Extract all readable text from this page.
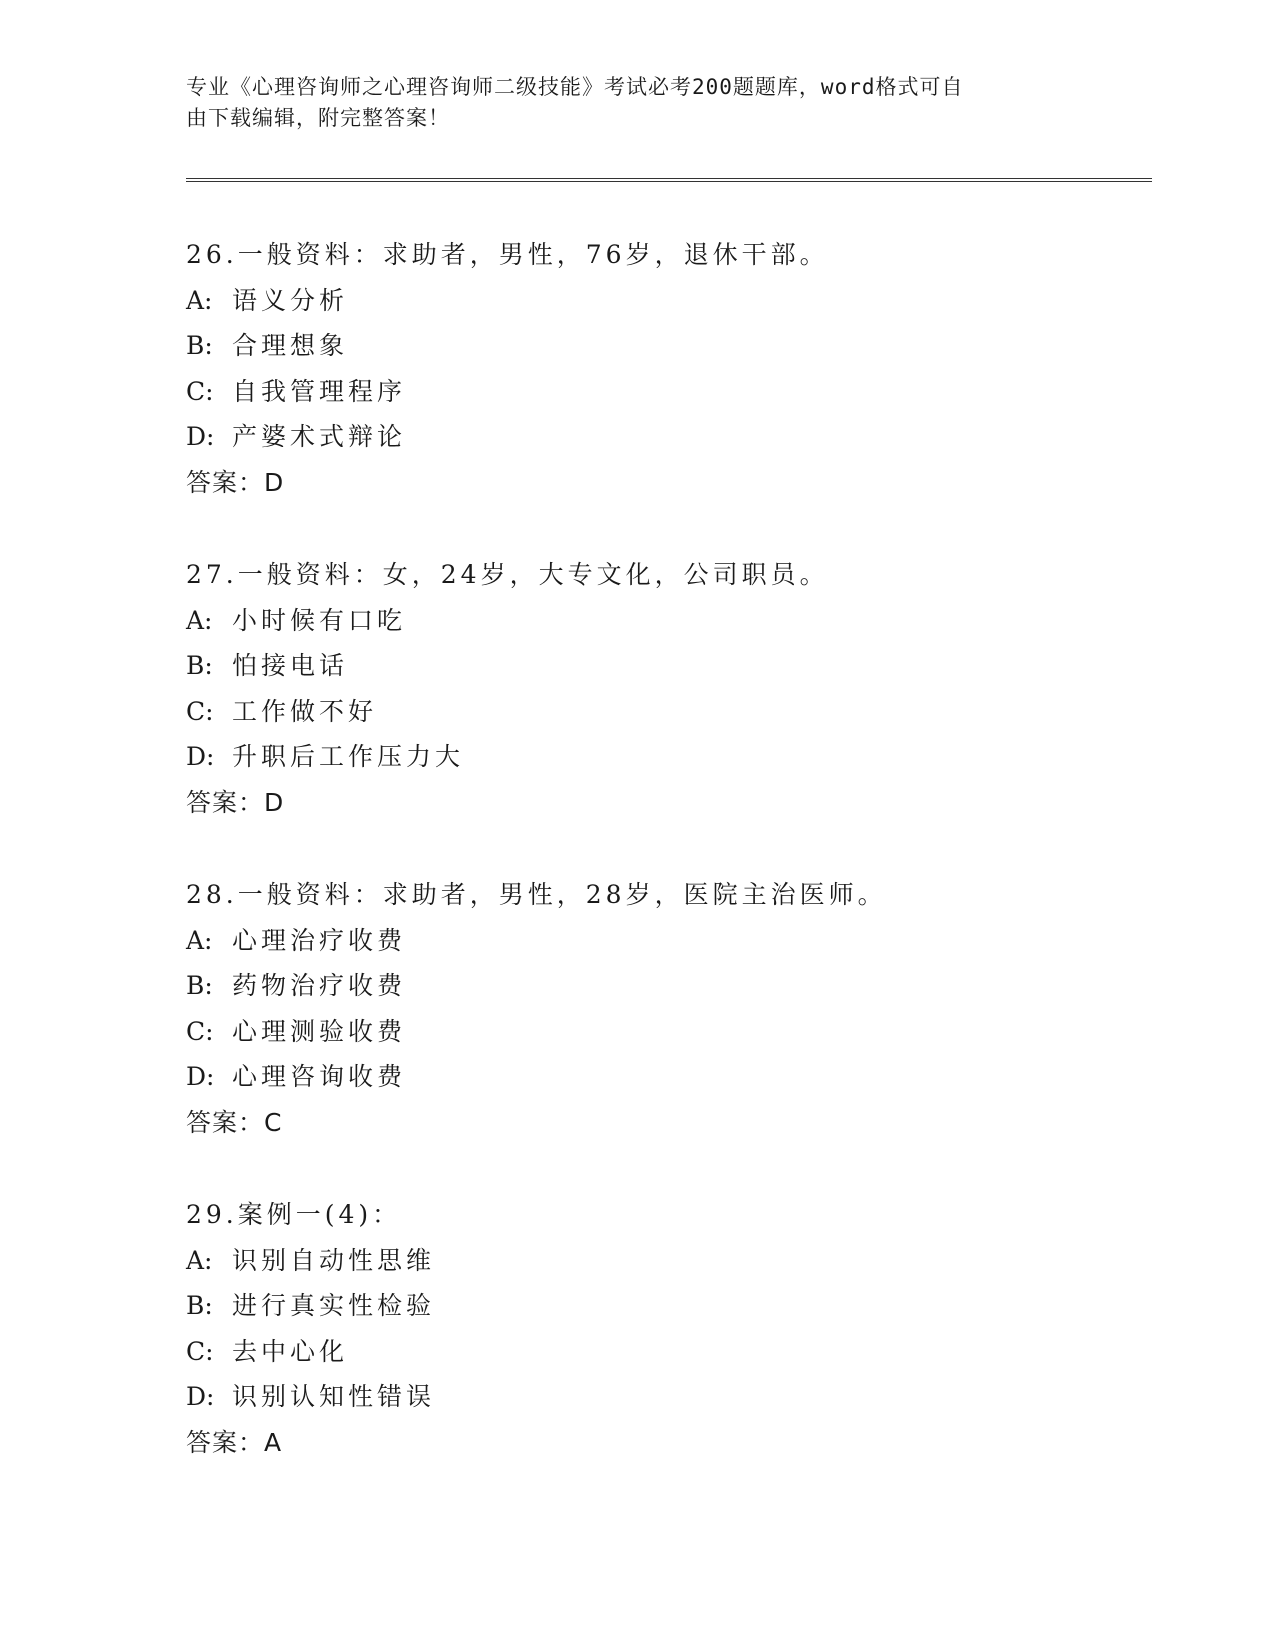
专业《心理咨询师之心理咨询师二级技能》考试必考200题题库，word格式可自
由下载编辑，附完整答案！
26.一般资料：求助者，男性，76岁，退休干部。
A: 语义分析
B: 合理想象
C: 自我管理程序
D: 产婆术式辩论
答案：D
27.一般资料：女，24岁，大专文化，公司职员。
A: 小时候有口吃
B: 怕接电话
C: 工作做不好
D: 升职后工作压力大
答案：D
28.一般资料：求助者，男性，28岁，医院主治医师。
A: 心理治疗收费
B: 药物治疗收费
C: 心理测验收费
D: 心理咨询收费
答案：C
29.案例一(4)：
A: 识别自动性思维
B: 进行真实性检验
C: 去中心化
D: 识别认知性错误
答案：A
